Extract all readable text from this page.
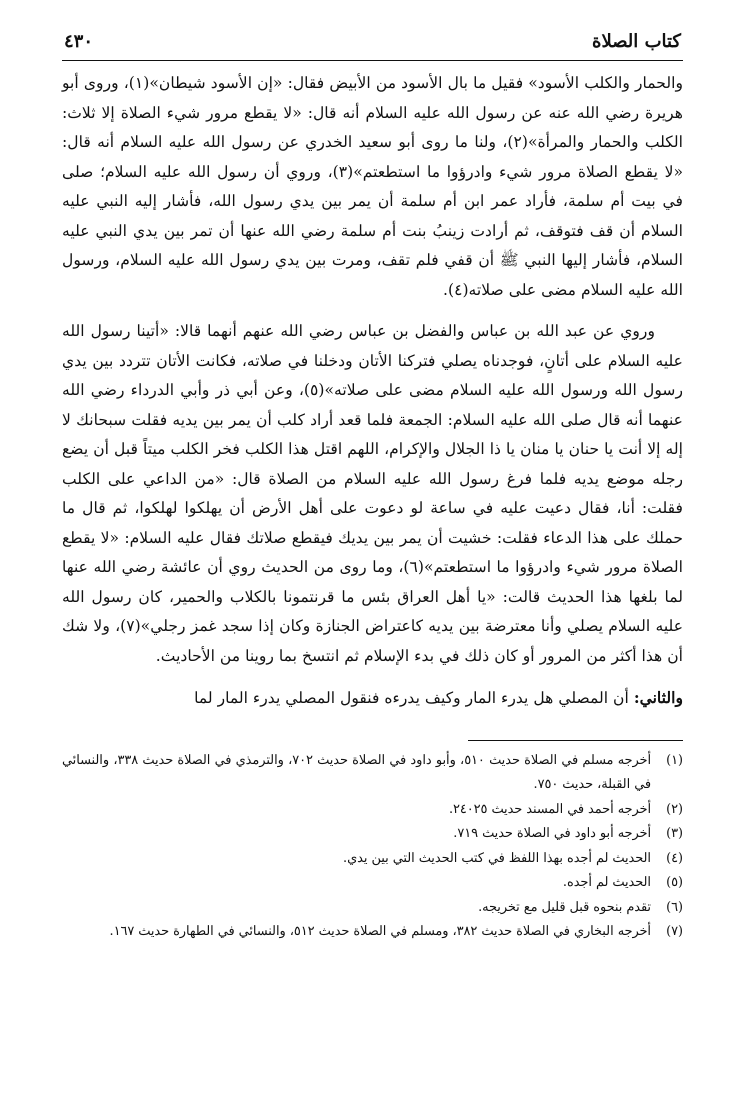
كتاب الصلاة
٤٣٠

والحمار والكلب الأسود» فقيل ما بال الأسود من الأبيض فقال: «إن الأسود شيطان»(١)، وروى أبو هريرة رضي الله عنه عن رسول الله عليه السلام أنه قال: «لا يقطع مرور شيء الصلاة إلا ثلاث: الكلب والحمار والمرأة»(٢)، ولنا ما روى أبو سعيد الخدري عن رسول الله عليه السلام أنه قال: «لا يقطع الصلاة مرور شيء وادرؤوا ما استطعتم»(٣)، وروي أن رسول الله عليه السلام؛ صلى في بيت أم سلمة، فأراد عمر ابن أم سلمة أن يمر بين يدي رسول الله، فأشار إليه النبي عليه السلام أن قف فتوقف، ثم أرادت زينبُ بنت أم سلمة رضي الله عنها أن تمر بين يدي النبي عليه السلام، فأشار إليها النبي ﷺ أن قفي فلم تقف، ومرت بين يدي رسول الله عليه السلام، ورسول الله عليه السلام مضى على صلاته(٤).

وروي عن عبد الله بن عباس والفضل بن عباس رضي الله عنهم أنهما قالا: «أتينا رسول الله عليه السلام على أتانٍ، فوجدناه يصلي فتركنا الأتان ودخلنا في صلاته، فكانت الأتان تتردد بين يدي رسول الله ورسول الله عليه السلام مضى على صلاته»(٥)، وعن أبي ذر وأبي الدرداء رضي الله عنهما أنه قال صلى الله عليه السلام: الجمعة فلما قعد أراد كلب أن يمر بين يديه فقلت سبحانك لا إله إلا أنت يا حنان يا منان يا ذا الجلال والإكرام، اللهم اقتل هذا الكلب فخر الكلب ميتاً قبل أن يضع رجله موضع يديه فلما فرغ رسول الله عليه السلام من الصلاة قال: «من الداعي على الكلب فقلت: أنا، فقال دعيت عليه في ساعة لو دعوت على أهل الأرض أن يهلكوا لهلكوا، ثم قال ما حملك على هذا الدعاء فقلت: خشيت أن يمر بين يديك فيقطع صلاتك فقال عليه السلام: «لا يقطع الصلاة مرور شيء وادرؤوا ما استطعتم»(٦)، وما روى من الحديث روي أن عائشة رضي الله عنها لما بلغها هذا الحديث قالت: «يا أهل العراق بئس ما قرنتمونا بالكلاب والحمير، كان رسول الله عليه السلام يصلي وأنا معترضة بين يديه كاعتراض الجنازة وكان إذا سجد غمز رجلي»(٧)، ولا شك أن هذا أكثر من المرور أو كان ذلك في بدء الإسلام ثم انتسخ بما روينا من الأحاديث.

والثاني: أن المصلي هل يدرء المار وكيف يدرءه فنقول المصلي يدرء المار لما

(١)
أخرجه مسلم في الصلاة حديث ٥١٠، وأبو داود في الصلاة حديث ٧٠٢، والترمذي في الصلاة حديث ٣٣٨، والنسائي في القبلة، حديث ٧٥٠.
(٢)
أخرجه أحمد في المسند حديث ٢٤٠٢٥.
(٣)
أخرجه أبو داود في الصلاة حديث ٧١٩.
(٤)
الحديث لم أجده بهذا اللفظ في كتب الحديث التي بين يدي.
(٥)
الحديث لم أجده.
(٦)
تقدم بنحوه قبل قليل مع تخريجه.
(٧)
أخرجه البخاري في الصلاة حديث ٣٨٢، ومسلم في الصلاة حديث ٥١٢، والنسائي في الطهارة حديث ١٦٧.
